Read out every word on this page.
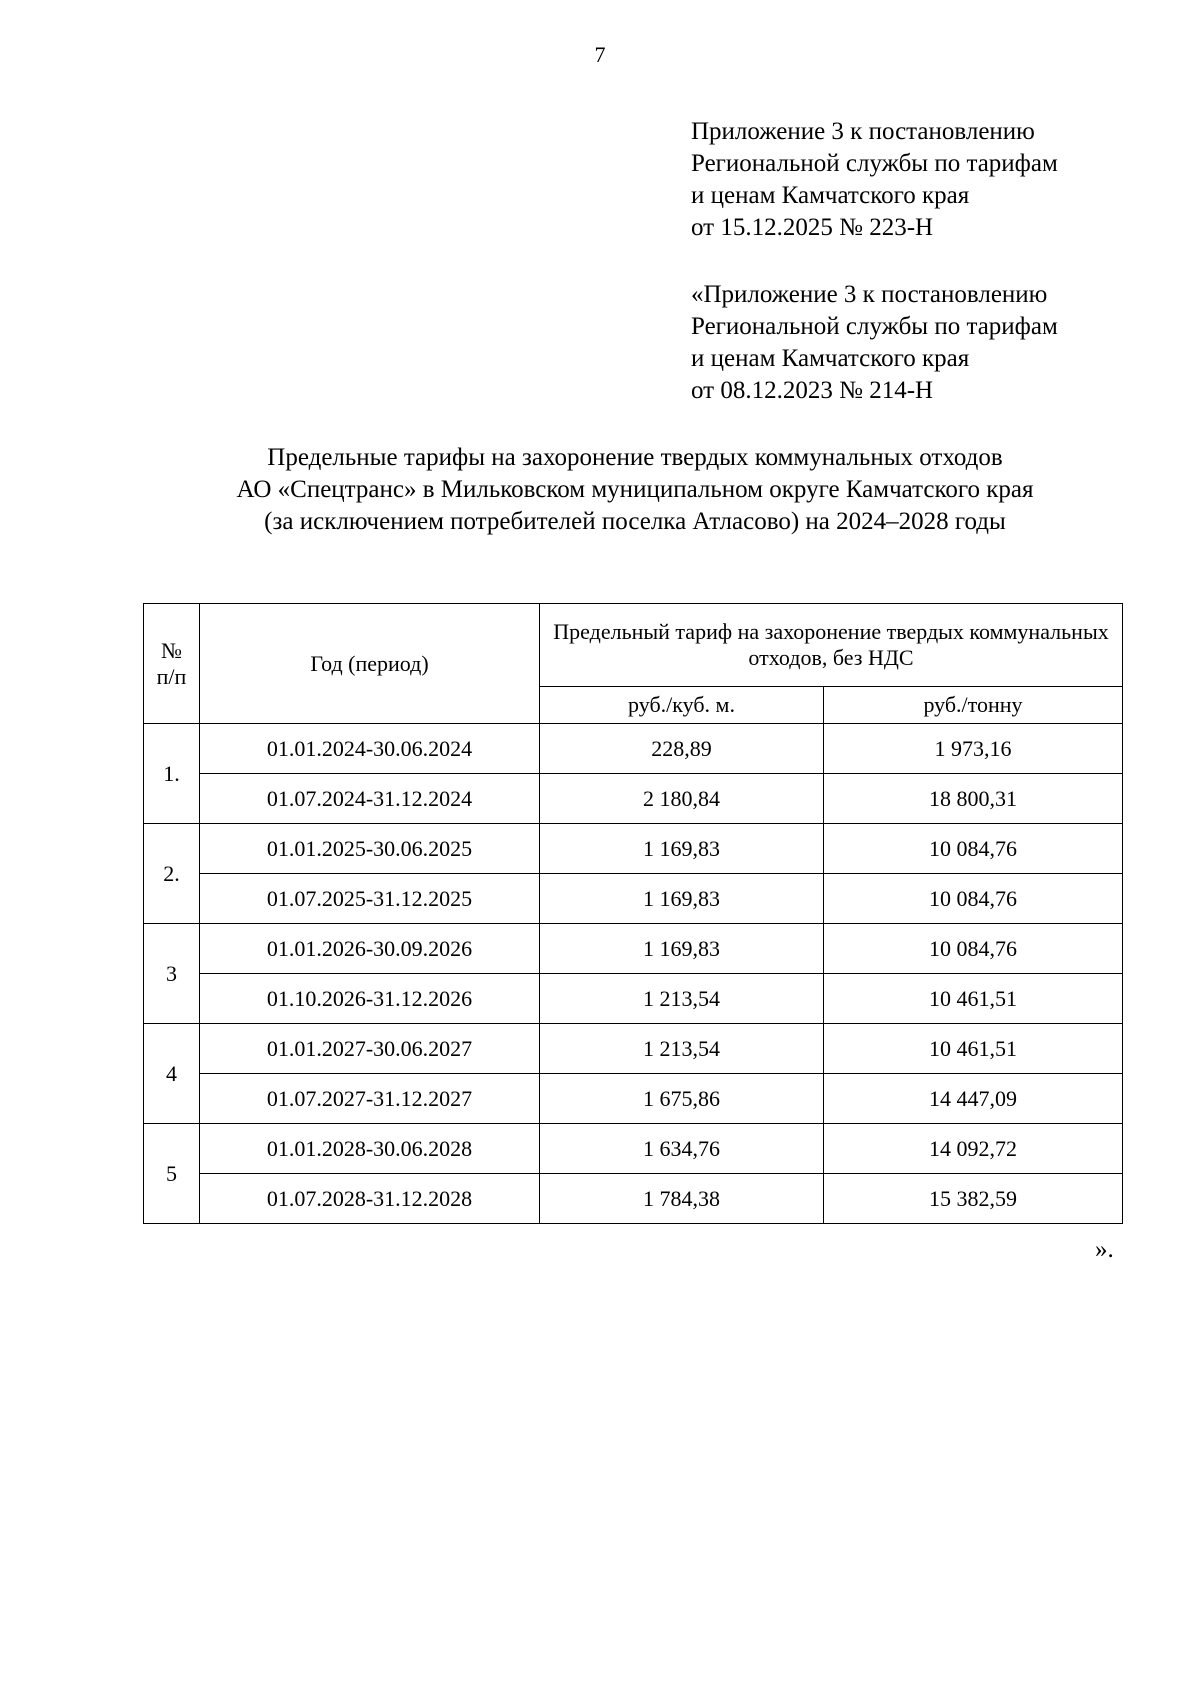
7
Приложение 3 к постановлению
Региональной службы по тарифам
и ценам Камчатского края
от 15.12.2025 № 223-Н
«Приложение 3 к постановлению
Региональной службы по тарифам
и ценам Камчатского края
от 08.12.2023 № 214-Н
Предельные тарифы на захоронение твердых коммунальных отходов
АО «Спецтранс» в Мильковском муниципальном округе Камчатского края
(за исключением потребителей поселка Атласово) на 2024–2028 годы
№
п/п	Год (период)	Предельный тариф на захоронение твердых коммунальных отходов, без НДС	
		руб./куб. м.	руб./тонну
1.	01.01.2024-30.06.2024	228,89	1 973,16
	01.07.2024-31.12.2024	2 180,84	18 800,31
2.	01.01.2025-30.06.2025	1 169,83	10 084,76
	01.07.2025-31.12.2025	1 169,83	10 084,76
3	01.01.2026-30.09.2026	1 169,83	10 084,76
	01.10.2026-31.12.2026	1 213,54	10 461,51
4	01.01.2027-30.06.2027	1 213,54	10 461,51
	01.07.2027-31.12.2027	1 675,86	14 447,09
5	01.01.2028-30.06.2028	1 634,76	14 092,72
	01.07.2028-31.12.2028	1 784,38	15 382,59
».
